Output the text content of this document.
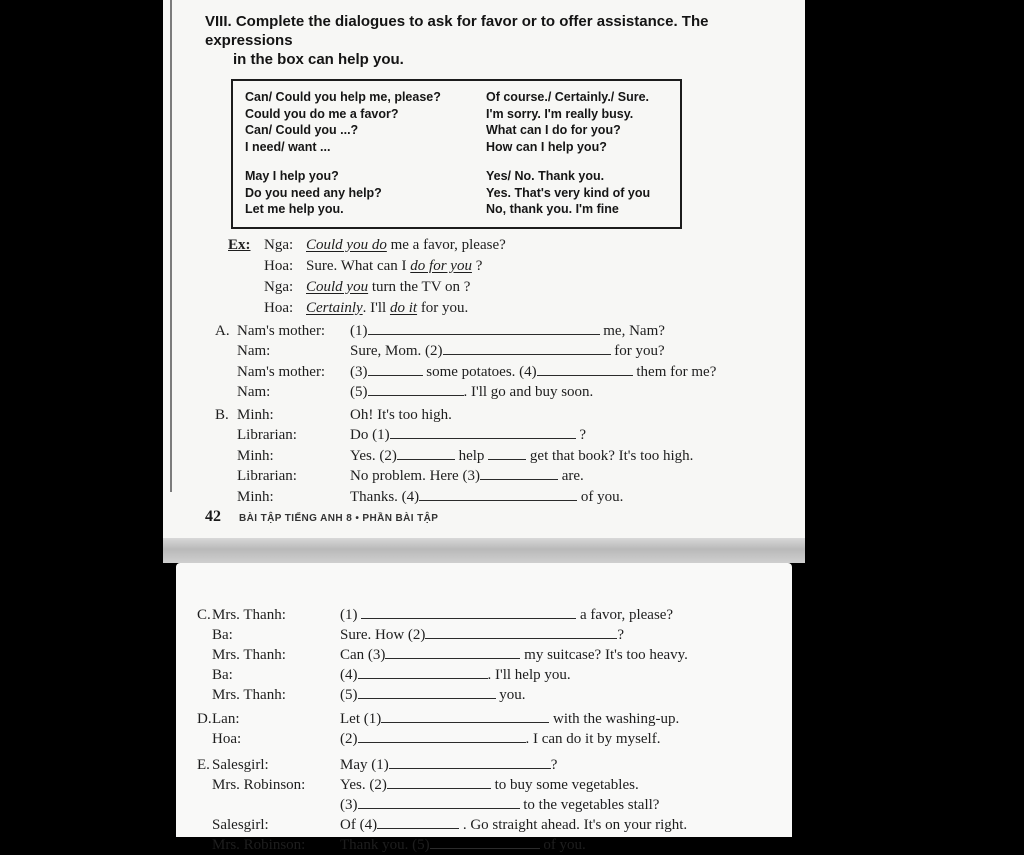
VIII. Complete the dialogues to ask for favor or to offer assistance. The expressions
in the box can help you.
Can/ Could you help me, please?
Could you do me a favor?
Can/ Could you ...?
I need/ want ...
May I help you?
Do you need any help?
Let me help you.
Of course./ Certainly./ Sure.
I'm sorry. I'm really busy.
What can I do for you?
How can I help you?
Yes/ No. Thank you.
Yes. That's very kind of you
No, thank you. I'm fine
Ex: Nga: Could you do me a favor, please?
Hoa: Sure. What can I do for you ?
Nga: Could you turn the TV on ?
Hoa: Certainly. I'll do it for you.
A. Nam's mother: (1)	me, Nam?
Nam:	Sure, Mom. (2)	for you?
Nam's mother: (3)	some potatoes. (4)	them for me?
Nam:	(5)	. I'll go and buy soon.
B. Minh:	Oh! It's too high.
Librarian:	Do (1)	?
Minh:	Yes. (2)	help	get that book? It's too high.
Librarian:	No problem. Here (3)	are.
Minh:	Thanks. (4)	of you.
42 BÀI TẬP TIẾNG ANH 8 • PHẦN BÀI TẬP
C.Mrs. Thanh:	(1)	a favor, please?
Ba:	Sure. How (2)	?
Mrs. Thanh:	Can (3)	my suitcase? It's too heavy.
Ba:	(4)	. I'll help you.
Mrs. Thanh:	(5)	you.
D.Lan:	Let (1)	with the washing-up.
Hoa:	(2)	. I can do it by myself.
E. Salesgirl:	May (1)	?
Mrs. Robinson: Yes. (2)	to buy some vegetables.
(3)	to the vegetables stall?
Salesgirl:	Of (4)	. Go straight ahead. It's on your right.
Mrs. Robinson: Thank you. (5)	of you.
